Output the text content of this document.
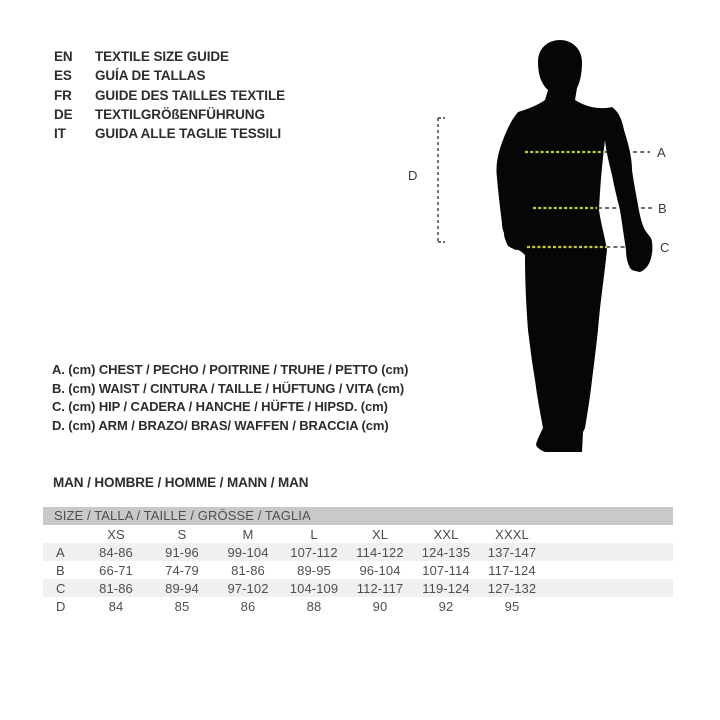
EN	TEXTILE SIZE GUIDE
ES	GUÍA DE TALLAS
FR	GUIDE DES TAILLES TEXTILE
DE	TEXTILGRÖßENFÜHRUNG
IT	GUIDA ALLE TAGLIE TESSILI
A
B
C
D
A. (cm) CHEST / PECHO / POITRINE / TRUHE / PETTO (cm)
B. (cm) WAIST / CINTURA / TAILLE / HÜFTUNG / VITA (cm)
C. (cm) HIP / CADERA / HANCHE / HÜFTE / HIPSD. (cm)
D. (cm) ARM / BRAZO/ BRAS/ WAFFEN / BRACCIA (cm)
MAN / HOMBRE / HOMME / MANN / MAN
SIZE / TALLA / TAILLE / GRÖSSE / TAGLIA
XS	S	M	L	XL	XXL	XXXL
A	84-86	91-96	99-104	107-112	114-122	124-135	137-147
B	66-71	74-79	81-86	89-95	96-104	107-114	117-124
C	81-86	89-94	97-102	104-109	112-117	119-124	127-132
D	84	85	86	88	90	92	95
